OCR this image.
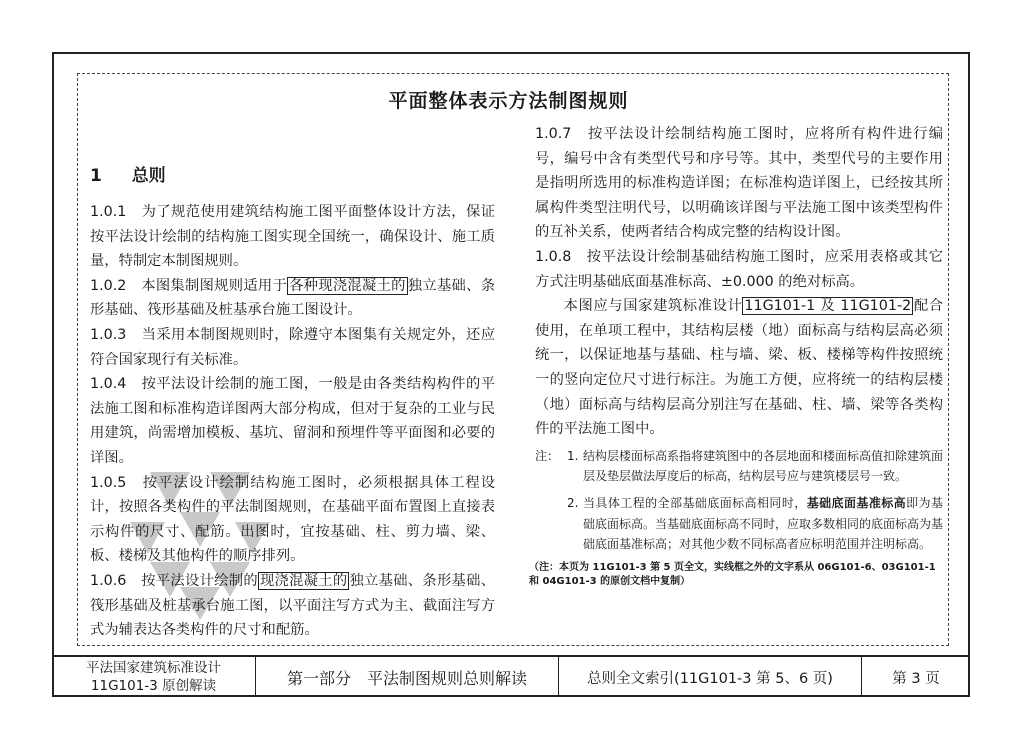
平面整体表示方法制图规则
1 总则

1.0.1　为了规范使用建筑结构施工图平面整体设计方法，保证按平法设计绘制的结构施工图实现全国统一，确保设计、施工质量，特制定本制图规则。

1.0.2　本图集制图规则适用于 各种现浇混凝土的 独立基础、条形基础、筏形基础及桩基承台施工图设计。

1.0.3　当采用本制图规则时，除遵守本图集有关规定外，还应符合国家现行有关标准。

1.0.4　按平法设计绘制的施工图，一般是由各类结构构件的平法施工图和标准构造详图两大部分构成，但对于复杂的工业与民用建筑，尚需增加模板、基坑、留洞和预埋件等平面图和必要的详图。

1.0.5　按平法设计绘制结构施工图时，必须根据具体工程设计，按照各类构件的平法制图规则，在基础平面布置图上直接表示构件的尺寸、配筋。出图时，宜按基础、柱、剪力墙、梁、板、楼梯及其他构件的顺序排列。

1.0.6　按平法设计绘制的 现浇混凝土的 独立基础、条形基础、筏形基础及桩基承台施工图，以平面注写方式为主、截面注写方式为辅表达各类构件的尺寸和配筋。

1.0.7　按平法设计绘制结构施工图时，应将所有构件进行编号，编号中含有类型代号和序号等。其中，类型代号的主要作用是指明所选用的标准构造详图；在标准构造详图上，已经按其所属构件类型注明代号，以明确该详图与平法施工图中该类型构件的互补关系，使两者结合构成完整的结构设计图。

1.0.8　按平法设计绘制基础结构施工图时，应采用表格或其它方式注明基础底面基准标高、±0.000 的绝对标高。

本图应与国家建筑标准设计 11G101-1 及 11G101-2 配合使用，在单项工程中，其结构层楼（地）面标高与结构层高必须统一，以保证地基与基础、柱与墙、梁、板、楼梯等构件按照统一的竖向定位尺寸进行标注。为施工方便，应将统一的结构层楼（地）面标高与结构层高分别注写在基础、柱、墙、梁等各类构件的平法施工图中。

注： 1. 结构层楼面标高系指将建筑图中的各层地面和楼面标高值扣除建筑面层及垫层做法厚度后的标高，结构层号应与建筑楼层号一致。
2. 当具体工程的全部基础底面标高相同时，基础底面基准标高即为基础底面标高。当基础底面标高不同时，应取多数相同的底面标高为基础底面基准标高；对其他少数不同标高者应标明范围并注明标高。
（注：本页为 11G101-3 第 5 页全文，实线框之外的文字系从 06G101-6、03G101-1 和 04G101-3 的原创文档中复制）
平法国家建筑标准设计
11G101-3 原创解读	第一部分　平法制图规则总则解读	总则全文索引(11G101-3 第 5、6 页)	第 3 页
